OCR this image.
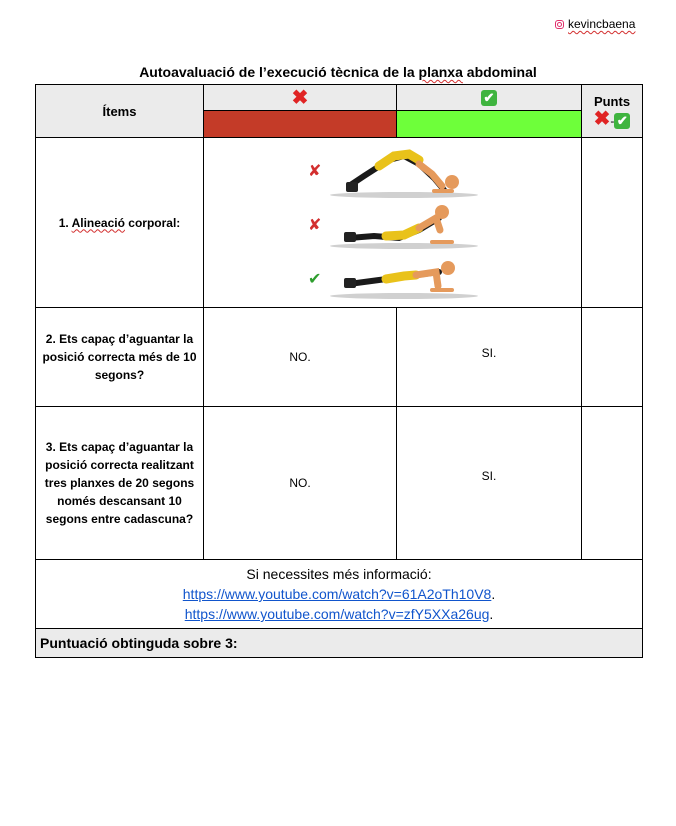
kevincbaena
Autoavaluació de l’execució tècnica de la planxa abdominal
Ítems	✖	✔	Punts
✖- ✔

1. Alineació corporal:	✘
✘
✔		

2. Ets capaç d’aguantar la posició correcta més de 10 segons?	NO.	SI.	
3. Ets capaç d’aguantar la posició correcta realitzant tres planxes de 20 segons només descansant 10 segons entre cadascuna?	NO.	SI.	

Si necessites més informació:
https://www.youtube.com/watch?v=61A2oTh10V8.
https://www.youtube.com/watch?v=zfY5XXa26ug.			

Puntuació obtinguda sobre 3:			
